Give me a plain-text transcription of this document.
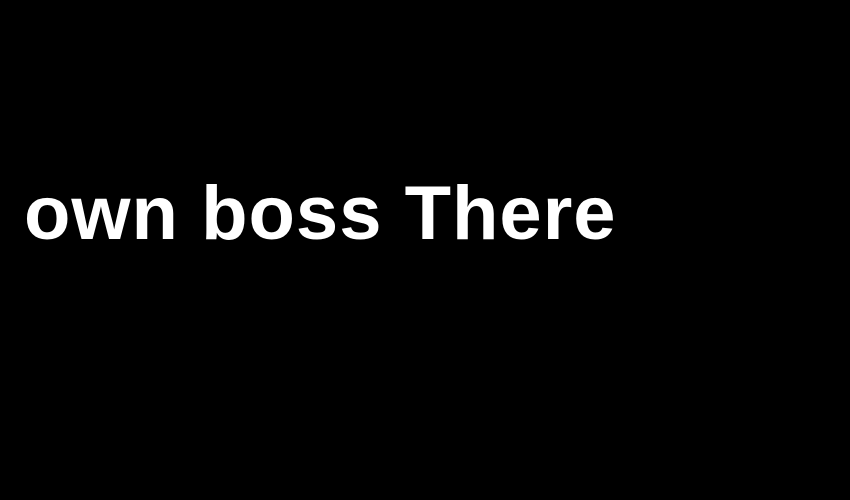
own boss There
